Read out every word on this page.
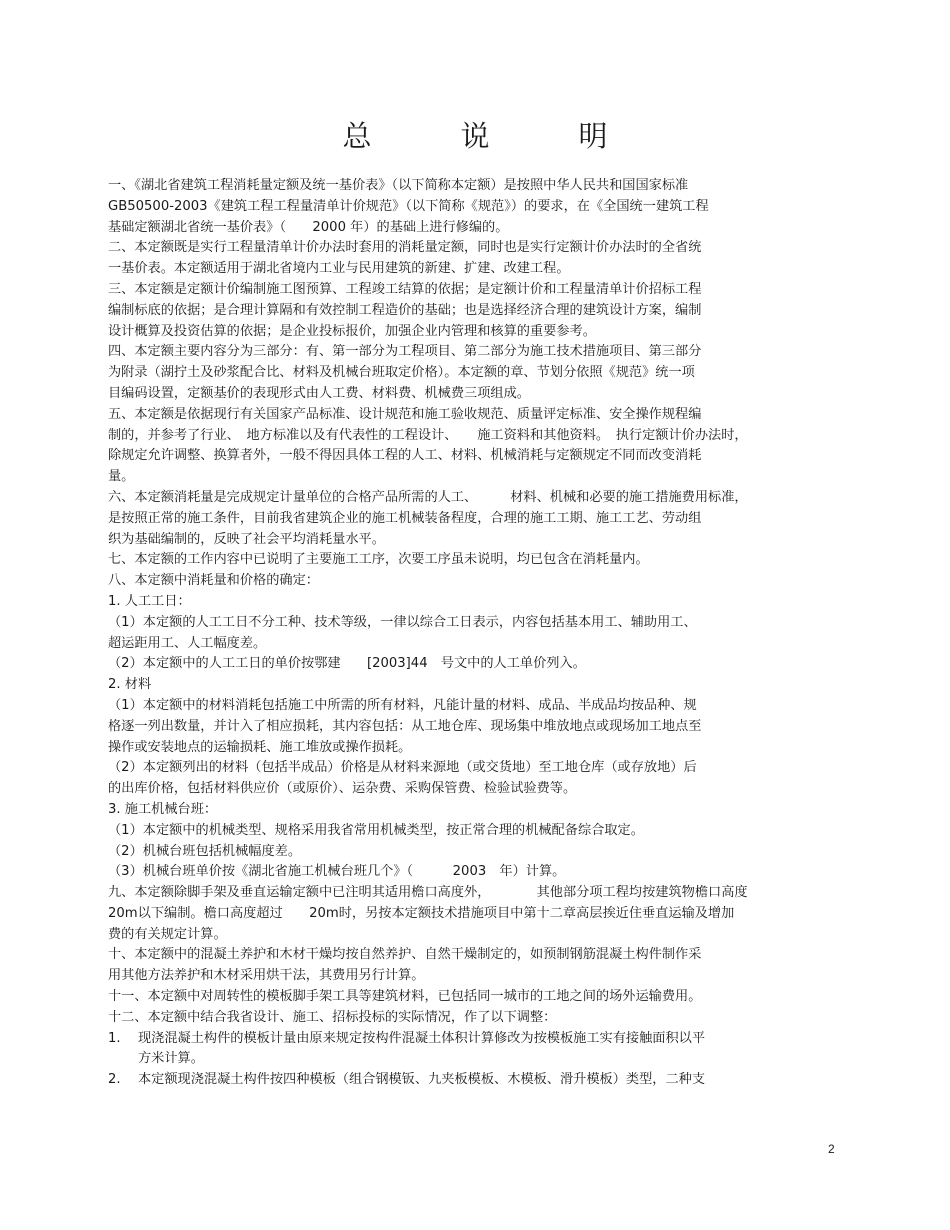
总　说　明
一、《湖北省建筑工程消耗量定额及统一基价表》（以下简称本定额）是按照中华人民共和国国家标准
GB50500-2003《建筑工程工程量清单计价规范》（以下简称《规范》）的要求，在《全国统一建筑工程
基础定额湖北省统一基价表》（　　2000 年）的基础上进行修编的。
二、本定额既是实行工程量清单计价办法时套用的消耗量定额，同时也是实行定额计价办法时的全省统
一基价表。本定额适用于湖北省境内工业与民用建筑的新建、扩建、改建工程。
三、本定额是定额计价编制施工图预算、工程竣工结算的依据；是定额计价和工程量清单计价招标工程
编制标底的依据；是合理计算隔和有效控制工程造价的基础；也是选择经济合理的建筑设计方案，编制
设计概算及投资估算的依据；是企业投标报价，加强企业内管理和核算的重要参考。
四、本定额主要内容分为三部分：有、第一部分为工程项目、第二部分为施工技术措施项目、第三部分
为附录（湖拧土及砂浆配合比、材料及机械台班取定价格）。本定额的章、节划分依照《规范》统一项
目编码设置，定额基价的表现形式由人工费、材料费、机械费三项组成。
五、本定额是依据现行有关国家产品标准、设计规范和施工验收规范、质量评定标准、安全操作规程编
制的，并参考了行业、　地方标准以及有代表性的工程设计、　　施工资料和其他资料。　执行定额计价办法时，
除规定允许调整、换算者外，一般不得因具体工程的人工、材料、机械消耗与定额规定不同而改变消耗
量。
六、本定额消耗量是完成规定计量单位的合格产品所需的人工、　　　材料、机械和必要的施工措施费用标准，
是按照正常的施工条件，目前我省建筑企业的施工机械装备程度，合理的施工工期、施工工艺、劳动组
织为基础编制的，反映了社会平均消耗量水平。
七、本定额的工作内容中已说明了主要施工工序，次要工序虽未说明，均已包含在消耗量内。
八、本定额中消耗量和价格的确定：
1. 人工工日：
（1）本定额的人工工日不分工种、技术等级，一律以综合工日表示，内容包括基本用工、辅助用工、
超运距用工、人工幅度差。
（2）本定额中的人工工日的单价按鄂建　　[2003]44　号文中的人工单价列入。
2. 材料
（1）本定额中的材料消耗包括施工中所需的所有材料，凡能计量的材料、成品、半成品均按品种、规
格逐一列出数量，并计入了相应损耗，其内容包括：从工地仓库、现场集中堆放地点或现场加工地点至
操作或安装地点的运输损耗、施工堆放或操作损耗。
（2）本定额列出的材料（包括半成品）价格是从材料来源地（或交货地）至工地仓库（或存放地）后
的出库价格，包括材料供应价（或原价）、运杂费、采购保管费、检验试验费等。
3. 施工机械台班：
（1）本定额中的机械类型、规格采用我省常用机械类型，按正常合理的机械配备综合取定。
（2）机械台班包括机械幅度差。
（3）机械台班单价按《湖北省施工机械台班几个》（　　　2003　年）计算。
九、本定额除脚手架及垂直运输定额中已注明其适用檐口高度外，　　　　其他部分项工程均按建筑物檐口高度
20m以下编制。檐口高度超过　　20m时，另按本定额技术措施项目中第十二章高层挨近住垂直运输及增加
费的有关规定计算。
十、本定额中的混凝土养护和木材干燥均按自然养护、自然干燥制定的，如预制钢筋混凝土构件制作采
用其他方法养护和木材采用烘干法，其费用另行计算。
十一、本定额中对周转性的模板脚手架工具等建筑材料，已包括同一城市的工地之间的场外运输费用。
十二、本定额中结合我省设计、施工、招标投标的实际情况，作了以下调整：
1.　 现浇混凝土构件的模板计量由原来规定按构件混凝土体积计算修改为按模板施工实有接触面积以平
方米计算。
2.　 本定额现浇混凝土构件按四种模板（组合钢模钣、九夹板模板、木模板、滑升模板）类型，二种支
2
